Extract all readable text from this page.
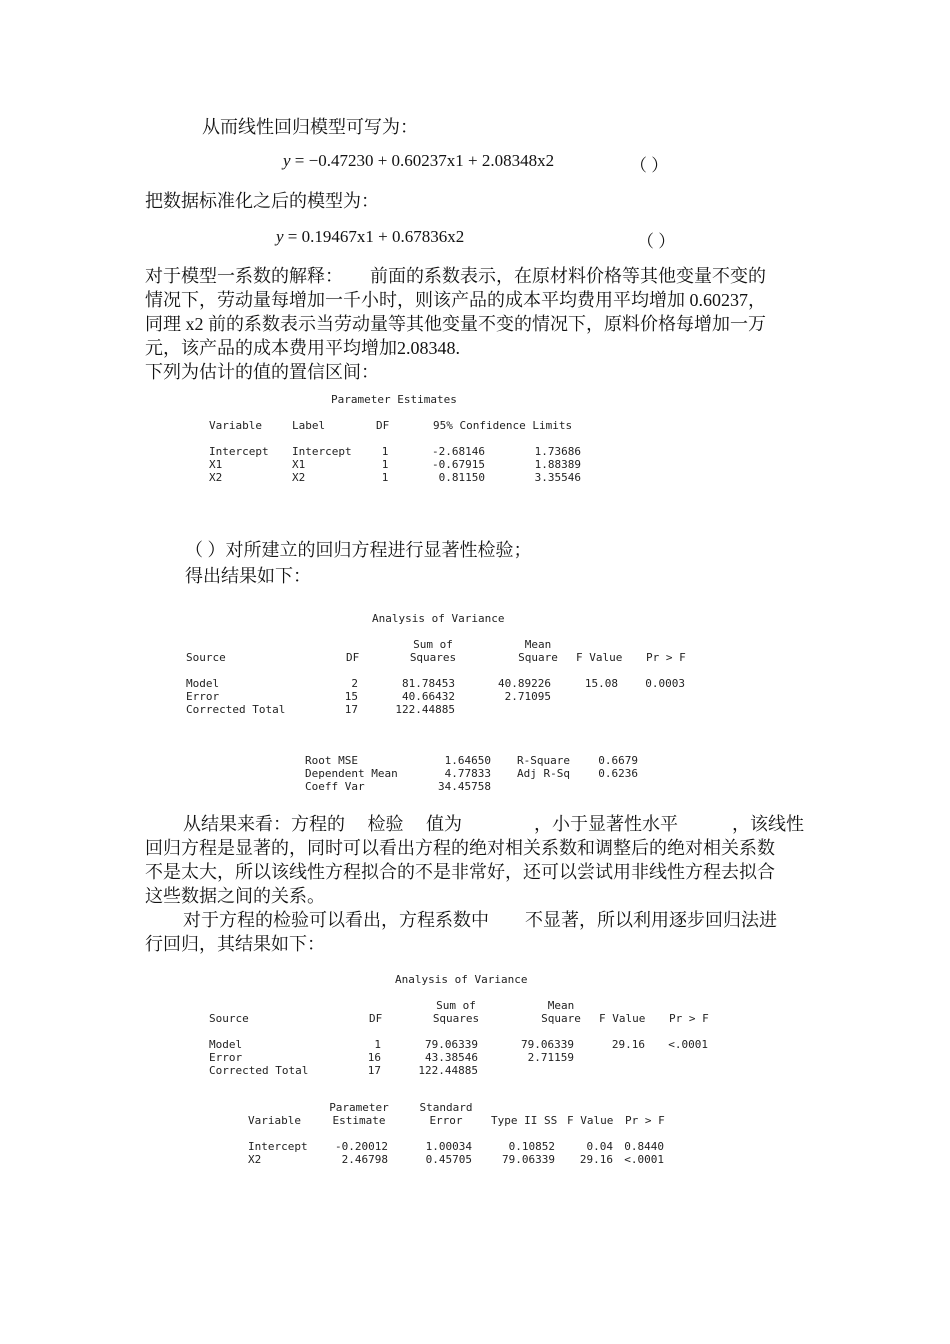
从而线性回归模型可写为：
y = −0.47230 + 0.60237x1 + 2.08348x2	（ ）
把数据标准化之后的模型为：
y = 0.19467x1 + 0.67836x2	（ ）
对于模型一系数的解释：　　前面的系数表示，在原材料价格等其他变量不变的
情况下，劳动量每增加一千小时，则该产品的成本平均费用平均增加 0.60237，
同理 x2 前的系数表示当劳动量等其他变量不变的情况下，原料价格每增加一万
元，该产品的成本费用平均增加2.08348.
下列为估计的值的置信区间：
Parameter Estimates
Variable	Label	DF	95% Confidence Limits
Intercept Intercept	1	-2.68146	1.73686
X1	X1	1	-0.67915	1.88389
X2	X2	1	0.81150	3.35546
（ ）对所建立的回归方程进行显著性检验；
得出结果如下：
Analysis of Variance
Sum of	Mean
Source	DF	Squares	Square	F Value Pr > F
Model	2	81.78453	40.89226	15.08	0.0003
Error	15	40.66432	2.71095
Corrected Total	17	122.44885
Root MSE	1.64650 R-Square	0.6679
Dependent Mean	4.77833 Adj R-Sq	0.6236
Coeff Var	34.45758
从结果来看：方程的　 检验　 值为　　　　，小于显著性水平　　　，该线性
回归方程是显著的，同时可以看出方程的绝对相关系数和调整后的绝对相关系数
不是太大，所以该线性方程拟合的不是非常好，还可以尝试用非线性方程去拟合
这些数据之间的关系。
对于方程的检验可以看出，方程系数中　　不显著，所以利用逐步回归法进
行回归，其结果如下：
Analysis of Variance
Sum of	Mean
Source	DF	Squares	Square	F Value Pr > F
Model	1	79.06339	79.06339	29.16	<.0001
Error	16	43.38546	2.71159
Corrected Total	17	122.44885
Parameter	Standard
Variable	Estimate	Error	Type II SS F Value Pr > F
Intercept	-0.20012	1.00034	0.10852	0.04	0.8440
X2	2.46798	0.45705	79.06339	29.16	<.0001
